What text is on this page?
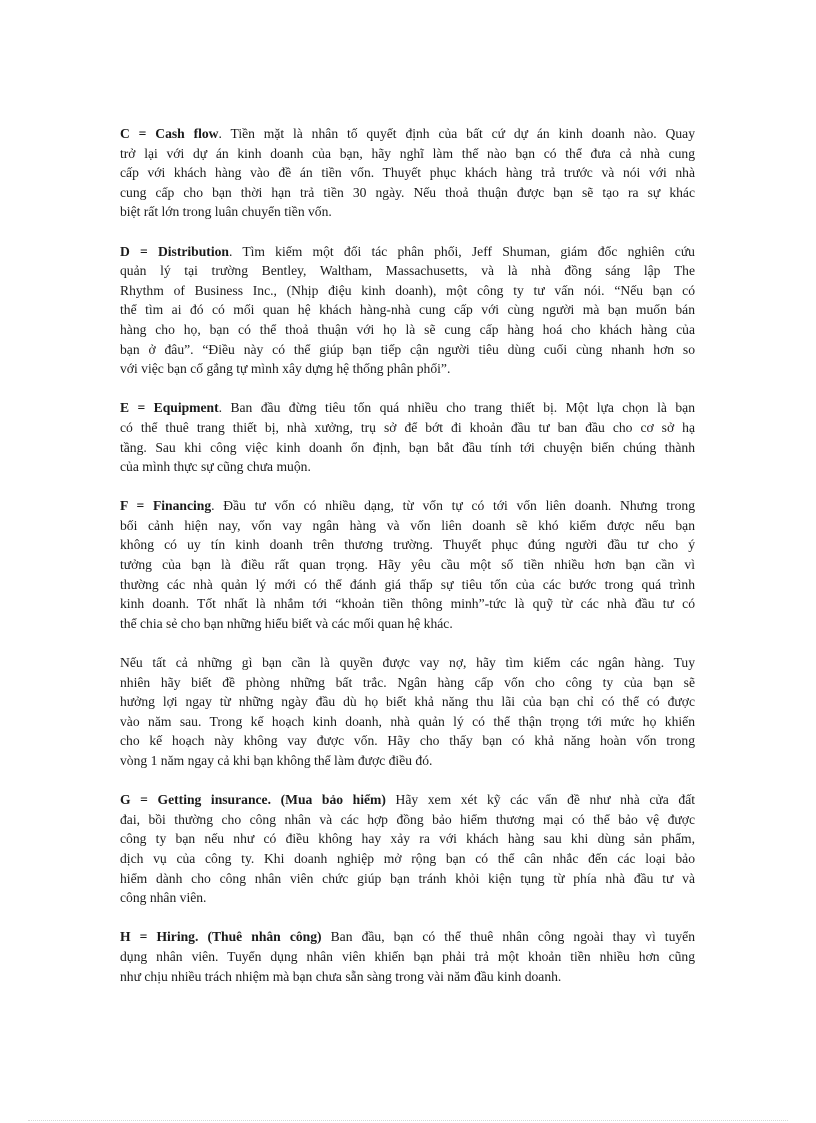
C = Cash flow. Tiền mặt là nhân tố quyết định của bất cứ dự án kinh doanh nào. Quay
trở lại với dự án kinh doanh của bạn, hãy nghĩ làm thế nào bạn có thể đưa cả nhà cung
cấp với khách hàng vào đề án tiền vốn. Thuyết phục khách hàng trả trước và nói với nhà
cung cấp cho bạn thời hạn trả tiền 30 ngày. Nếu thoả thuận được bạn sẽ tạo ra sự khác
biệt rất lớn trong luân chuyển tiền vốn.
D = Distribution. Tìm kiếm một đối tác phân phối, Jeff Shuman, giám đốc nghiên cứu
quản lý tại trường Bentley, Waltham, Massachusetts, và là nhà đồng sáng lập The
Rhythm of Business Inc., (Nhịp điệu kinh doanh), một công ty tư vấn nói. “Nếu bạn có
thể tìm ai đó có mối quan hệ khách hàng-nhà cung cấp với cùng người mà bạn muốn bán
hàng cho họ, bạn có thể thoả thuận với họ là sẽ cung cấp hàng hoá cho khách hàng của
bạn ở đâu”. “Điều này có thể giúp bạn tiếp cận người tiêu dùng cuối cùng nhanh hơn so
với việc bạn cố gắng tự mình xây dựng hệ thống phân phối”.
E = Equipment. Ban đầu đừng tiêu tốn quá nhiều cho trang thiết bị. Một lựa chọn là bạn
có thể thuê trang thiết bị, nhà xưởng, trụ sở để bớt đi khoản đầu tư ban đầu cho cơ sở hạ
tầng. Sau khi công việc kinh doanh ổn định, bạn bắt đầu tính tới chuyện biến chúng thành
của mình thực sự cũng chưa muộn.
F = Financing. Đầu tư vốn có nhiều dạng, từ vốn tự có tới vốn liên doanh. Nhưng trong
bối cảnh hiện nay, vốn vay ngân hàng và vốn liên doanh sẽ khó kiếm được nếu bạn
không có uy tín kinh doanh trên thương trường. Thuyết phục đúng người đầu tư cho ý
tưởng của bạn là điều rất quan trọng. Hãy yêu cầu một số tiền nhiều hơn bạn cần vì
thường các nhà quản lý mới có thể đánh giá thấp sự tiêu tốn của các bước trong quá trình
kinh doanh. Tốt nhất là nhắm tới “khoản tiền thông minh”-tức là quỹ từ các nhà đầu tư có
thể chia sẻ cho bạn những hiểu biết và các mối quan hệ khác.
Nếu tất cả những gì bạn cần là quyền được vay nợ, hãy tìm kiếm các ngân hàng. Tuy
nhiên hãy biết đề phòng những bất trắc. Ngân hàng cấp vốn cho công ty của bạn sẽ
hưởng lợi ngay từ những ngày đầu dù họ biết khả năng thu lãi của bạn chỉ có thể có được
vào năm sau. Trong kế hoạch kinh doanh, nhà quản lý có thể thận trọng tới mức họ khiến
cho kế hoạch này không vay được vốn. Hãy cho thấy bạn có khả năng hoàn vốn trong
vòng 1 năm ngay cả khi bạn không thể làm được điều đó.
G = Getting insurance. (Mua bảo hiểm) Hãy xem xét kỹ các vấn đề như nhà cửa đất
đai, bồi thường cho công nhân và các hợp đồng bảo hiểm thương mại có thể bảo vệ được
công ty bạn nếu như có điều không hay xảy ra với khách hàng sau khi dùng sản phẩm,
dịch vụ của công ty. Khi doanh nghiệp mở rộng bạn có thể cân nhắc đến các loại bảo
hiểm dành cho công nhân viên chức giúp bạn tránh khỏi kiện tụng từ phía nhà đầu tư và
công nhân viên.
H = Hiring. (Thuê nhân công) Ban đầu, bạn có thể thuê nhân công ngoài thay vì tuyển
dụng nhân viên. Tuyển dụng nhân viên khiến bạn phải trả một khoản tiền nhiều hơn cũng
như chịu nhiều trách nhiệm mà bạn chưa sẵn sàng trong vài năm đầu kinh doanh.
